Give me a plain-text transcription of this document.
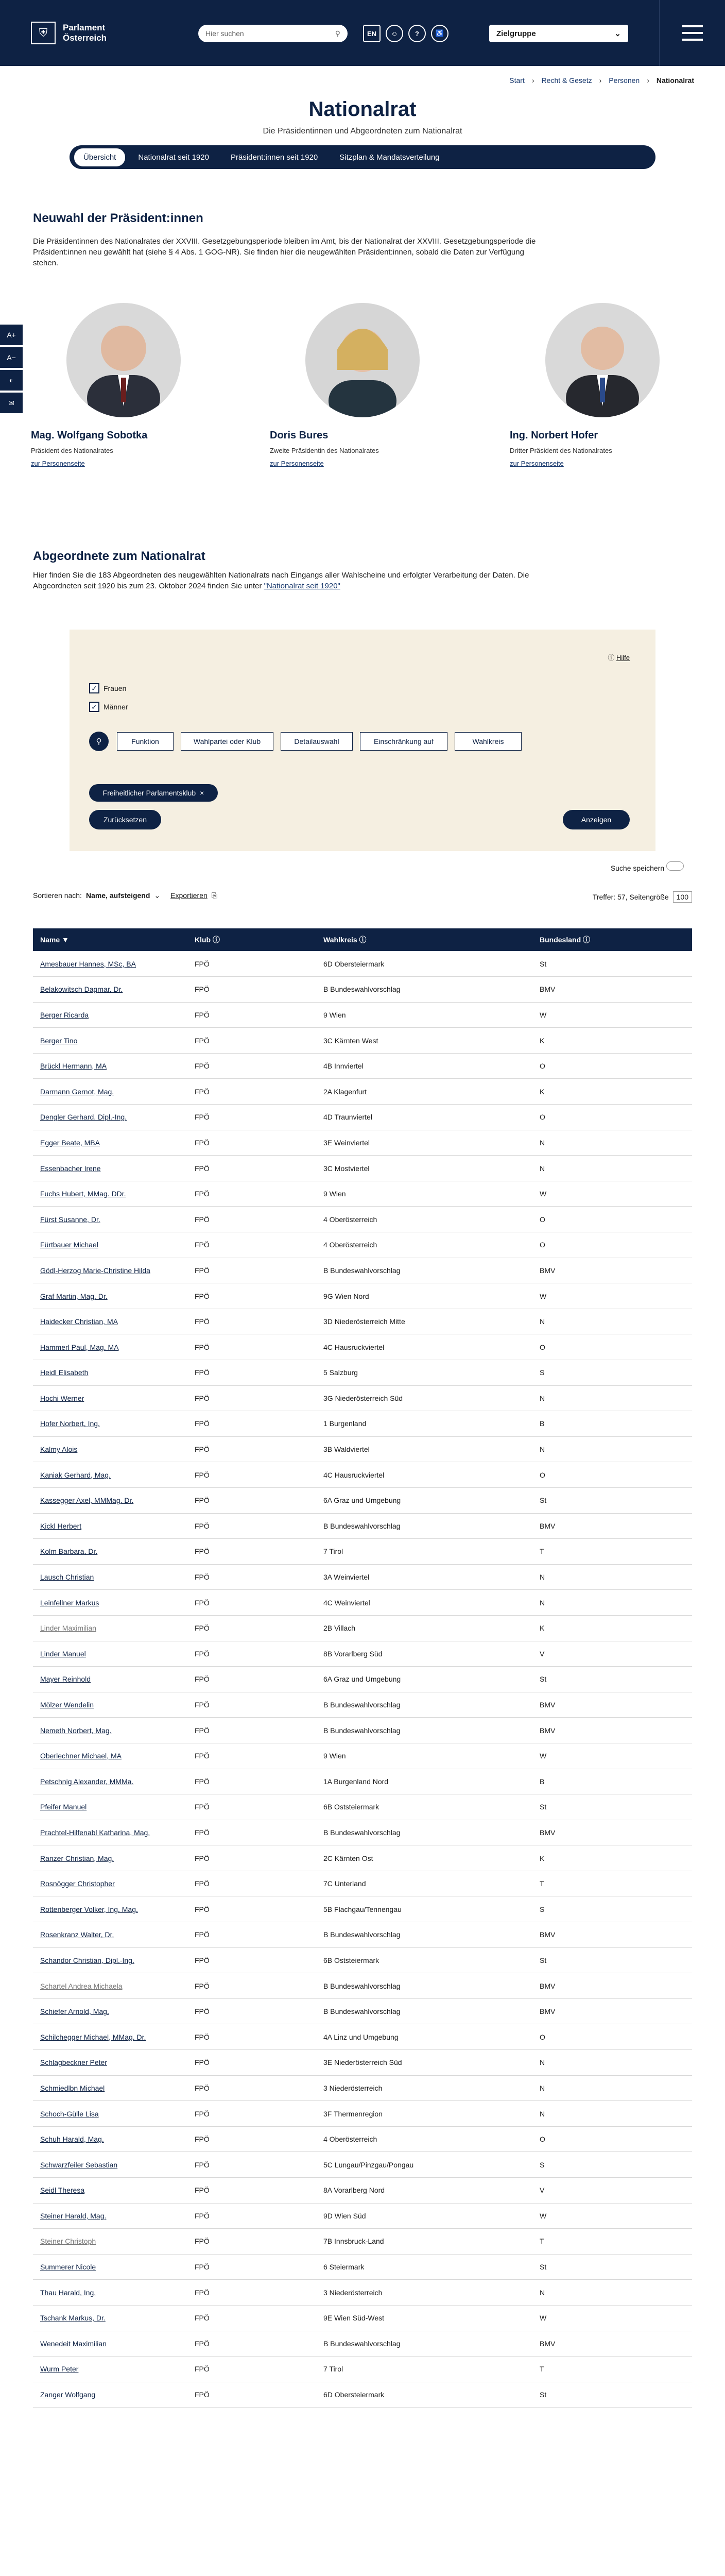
⛨	Parlament
Österreich	Hier suchen	⚲	EN	☺	?	♿	Zielgruppe	⌄
Start › Recht & Gesetz › Personen › Nationalrat
Nationalrat
Die Präsidentinnen und Abgeordneten zum Nationalrat
Übersicht	Nationalrat seit 1920	Präsident:innen seit 1920	Sitzplan & Mandatsverteilung
A+
A−
◐
✉
Neuwahl der Präsident:innen
Die Präsidentinnen des Nationalrates der XXVIII. Gesetzgebungsperiode bleiben im Amt, bis der Nationalrat der XXVIII. Gesetzgebungsperiode die Präsident:innen neu gewählt hat (siehe § 4 Abs. 1 GOG-NR). Sie finden hier die neugewählten Präsident:innen, sobald die Daten zur Verfügung stehen.
Mag. Wolfgang Sobotka
Präsident des Nationalrates
zur Personenseite
Doris Bures
Zweite Präsidentin des Nationalrates
zur Personenseite
Ing. Norbert Hofer
Dritter Präsident des Nationalrates
zur Personenseite
Abgeordnete zum Nationalrat
Hier finden Sie die 183 Abgeordneten des neugewählten Nationalrats nach Eingangs aller Wahlscheine und erfolgter Verarbeitung der Daten. Die Abgeordneten seit 1920 bis zum 23. Oktober 2024 finden Sie unter "Nationalrat seit 1920"
ⓘ Hilfe
✓ Frauen
✓ Männer
⚲	Funktion	Wahlpartei oder Klub	Detailauswahl	Einschränkung auf	Wahlkreis
Freiheitlicher Parlamentsklub ×
Zurücksetzen	Anzeigen
Suche speichern
Sortieren nach: Name, aufsteigend ⌄ Exportieren ⎘	Treffer: 57, Seitengröße	100
Name ▼	Klub ⓘ	Wahlkreis ⓘ	Bundesland ⓘ
Amesbauer Hannes, MSc, BA	FPÖ	6D Obersteiermark	St
Belakowitsch Dagmar, Dr.	FPÖ	B Bundeswahlvorschlag	BMV
Berger Ricarda	FPÖ	9 Wien	W
Berger Tino	FPÖ	3C Kärnten West	K
Brückl Hermann, MA	FPÖ	4B Innviertel	O
Darmann Gernot, Mag.	FPÖ	2A Klagenfurt	K
Dengler Gerhard, Dipl.-Ing.	FPÖ	4D Traunviertel	O
Egger Beate, MBA	FPÖ	3E Weinviertel	N
Essenbacher Irene	FPÖ	3C Mostviertel	N
Fuchs Hubert, MMag. DDr.	FPÖ	9 Wien	W
Fürst Susanne, Dr.	FPÖ	4 Oberösterreich	O
Fürtbauer Michael	FPÖ	4 Oberösterreich	O
Gödl-Herzog Marie-Christine Hilda	FPÖ	B Bundeswahlvorschlag	BMV
Graf Martin, Mag. Dr.	FPÖ	9G Wien Nord	W
Haidecker Christian, MA	FPÖ	3D Niederösterreich Mitte	N
Hammerl Paul, Mag. MA	FPÖ	4C Hausruckviertel	O
Heidl Elisabeth	FPÖ	5 Salzburg	S
Hochi Werner	FPÖ	3G Niederösterreich Süd	N
Hofer Norbert, Ing.	FPÖ	1 Burgenland	B
Kalmy Alois	FPÖ	3B Waldviertel	N
Kaniak Gerhard, Mag.	FPÖ	4C Hausruckviertel	O
Kassegger Axel, MMMag. Dr.	FPÖ	6A Graz und Umgebung	St
Kickl Herbert	FPÖ	B Bundeswahlvorschlag	BMV
Kolm Barbara, Dr.	FPÖ	7 Tirol	T
Lausch Christian	FPÖ	3A Weinviertel	N
Leinfellner Markus	FPÖ	4C Weinviertel	N
Linder Maximilian	FPÖ	2B Villach	K
Linder Manuel	FPÖ	8B Vorarlberg Süd	V
Mayer Reinhold	FPÖ	6A Graz und Umgebung	St
Mölzer Wendelin	FPÖ	B Bundeswahlvorschlag	BMV
Nemeth Norbert, Mag.	FPÖ	B Bundeswahlvorschlag	BMV
Oberlechner Michael, MA	FPÖ	9 Wien	W
Petschnig Alexander, MMMa.	FPÖ	1A Burgenland Nord	B
Pfeifer Manuel	FPÖ	6B Oststeiermark	St
Prachtel-Hilfenabl Katharina, Mag.	FPÖ	B Bundeswahlvorschlag	BMV
Ranzer Christian, Mag.	FPÖ	2C Kärnten Ost	K
Rosnögger Christopher	FPÖ	7C Unterland	T
Rottenberger Volker, Ing. Mag.	FPÖ	5B Flachgau/Tennengau	S
Rosenkranz Walter, Dr.	FPÖ	B Bundeswahlvorschlag	BMV
Schandor Christian, Dipl.-Ing.	FPÖ	6B Oststeiermark	St
Schartel Andrea Michaela	FPÖ	B Bundeswahlvorschlag	BMV
Schiefer Arnold, Mag.	FPÖ	B Bundeswahlvorschlag	BMV
Schilchegger Michael, MMag. Dr.	FPÖ	4A Linz und Umgebung	O
Schlagbeckner Peter	FPÖ	3E Niederösterreich Süd	N
Schmiedlbn Michael	FPÖ	3 Niederösterreich	N
Schoch-Gülle Lisa	FPÖ	3F Thermenregion	N
Schuh Harald, Mag.	FPÖ	4 Oberösterreich	O
Schwarzfeiler Sebastian	FPÖ	5C Lungau/Pinzgau/Pongau	S
Seidl Theresa	FPÖ	8A Vorarlberg Nord	V
Steiner Harald, Mag.	FPÖ	9D Wien Süd	W
Steiner Christoph	FPÖ	7B Innsbruck-Land	T
Summerer Nicole	FPÖ	6 Steiermark	St
Thau Harald, Ing.	FPÖ	3 Niederösterreich	N
Tschank Markus, Dr.	FPÖ	9E Wien Süd-West	W
Wenedeit Maximilian	FPÖ	B Bundeswahlvorschlag	BMV
Wurm Peter	FPÖ	7 Tirol	T
Zanger Wolfgang	FPÖ	6D Obersteiermark	St
